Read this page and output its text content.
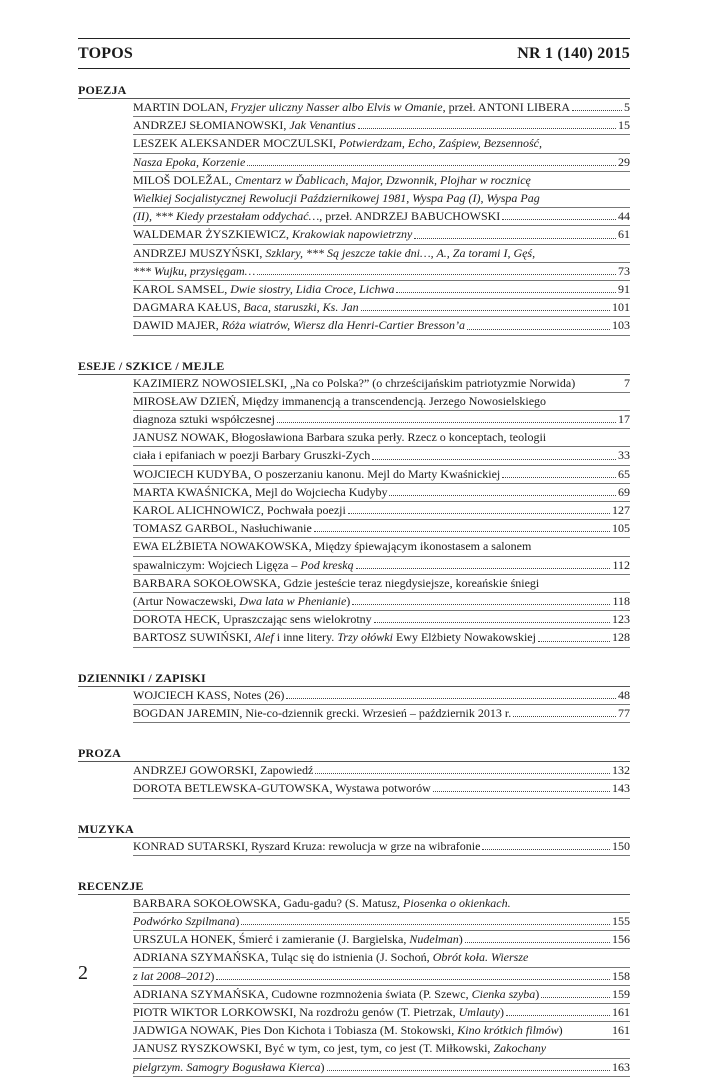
TOPOS	NR 1 (140) 2015
POEZJA
MARTIN DOLAN, Fryzjer uliczny Nasser albo Elvis w Omanie, przeł. ANTONI LIBERA	5
ANDRZEJ SŁOMIANOWSKI, Jak Venantius	15
LESZEK ALEKSANDER MOCZULSKI, Potwierdzam, Echo, Zaśpiew, Bezsenność,
Nasza Epoka, Korzenie	29
MILOŠ DOLEŽAL, Cmentarz w Ďablicach, Major, Dzwonnik, Plojhar w rocznicę
Wielkiej Socjalistycznej Rewolucji Październikowej 1981, Wyspa Pag (I), Wyspa Pag
(II), *** Kiedy przestałam oddychać…, przeł. ANDRZEJ BABUCHOWSKI	44
WALDEMAR ŻYSZKIEWICZ, Krakowiak napowietrzny	61
ANDRZEJ MUSZYŃSKI, Szklary, *** Są jeszcze takie dni…, A., Za torami I, Gęś,
*** Wujku, przysięgam…	73
KAROL SAMSEL, Dwie siostry, Lidia Croce, Lichwa	91
DAGMARA KAŁUS, Baca, staruszki, Ks. Jan	101
DAWID MAJER, Róża wiatrów, Wiersz dla Henri-Cartier Bresson’a	103
ESEJE / SZKICE / MEJLE
KAZIMIERZ NOWOSIELSKI, „Na co Polska?” (o chrześcijańskim patriotyzmie Norwida)	7
MIROSŁAW DZIEŃ, Między immanencją a transcendencją. Jerzego Nowosielskiego
diagnoza sztuki współczesnej	17
JANUSZ NOWAK, Błogosławiona Barbara szuka perły. Rzecz o konceptach, teologii
ciała i epifaniach w poezji Barbary Gruszki-Zych	33
WOJCIECH KUDYBA, O poszerzaniu kanonu. Mejl do Marty Kwaśnickiej	65
MARTA KWAŚNICKA, Mejl do Wojciecha Kudyby	69
KAROL ALICHNOWICZ, Pochwała poezji	127
TOMASZ GARBOL, Nasłuchiwanie	105
EWA ELŻBIETA NOWAKOWSKA, Między śpiewającym ikonostasem a salonem
spawalniczym: Wojciech Ligęza – Pod kreską	112
BARBARA SOKOŁOWSKA, Gdzie jesteście teraz niegdysiejsze, koreańskie śniegi
(Artur Nowaczewski, Dwa lata w Phenianie)	118
DOROTA HECK, Upraszczając sens wielokrotny	123
BARTOSZ SUWIŃSKI, Alef i inne litery. Trzy ołówki Ewy Elżbiety Nowakowskiej	128
DZIENNIKI / ZAPISKI
WOJCIECH KASS, Notes (26)	48
BOGDAN JAREMIN, Nie-co-dziennik grecki. Wrzesień – październik 2013 r.	77
PROZA
ANDRZEJ GOWORSKI, Zapowiedź	132
DOROTA BETLEWSKA-GUTOWSKA, Wystawa potworów	143
MUZYKA
KONRAD SUTARSKI, Ryszard Kruza: rewolucja w grze na wibrafonie	150
RECENZJE
BARBARA SOKOŁOWSKA, Gadu-gadu? (S. Matusz, Piosenka o okienkach.
Podwórko Szpilmana)	155
URSZULA HONEK, Śmierć i zamieranie (J. Bargielska, Nudelman)	156
ADRIANA SZYMAŃSKA, Tuląc się do istnienia (J. Sochoń, Obrót koła. Wiersze
z lat 2008–2012)	158
ADRIANA SZYMAŃSKA, Cudowne rozmnożenia świata (P. Szewc, Cienka szyba)	159
PIOTR WIKTOR LORKOWSKI, Na rozdrożu genów (T. Pietrzak, Umlauty)	161
JADWIGA NOWAK, Pies Don Kichota i Tobiasza (M. Stokowski, Kino krótkich filmów)	161
JANUSZ RYSZKOWSKI, Być w tym, co jest, tym, co jest (T. Miłkowski, Zakochany
pielgrzym. Samogry Bogusława Kierca)	163
2
